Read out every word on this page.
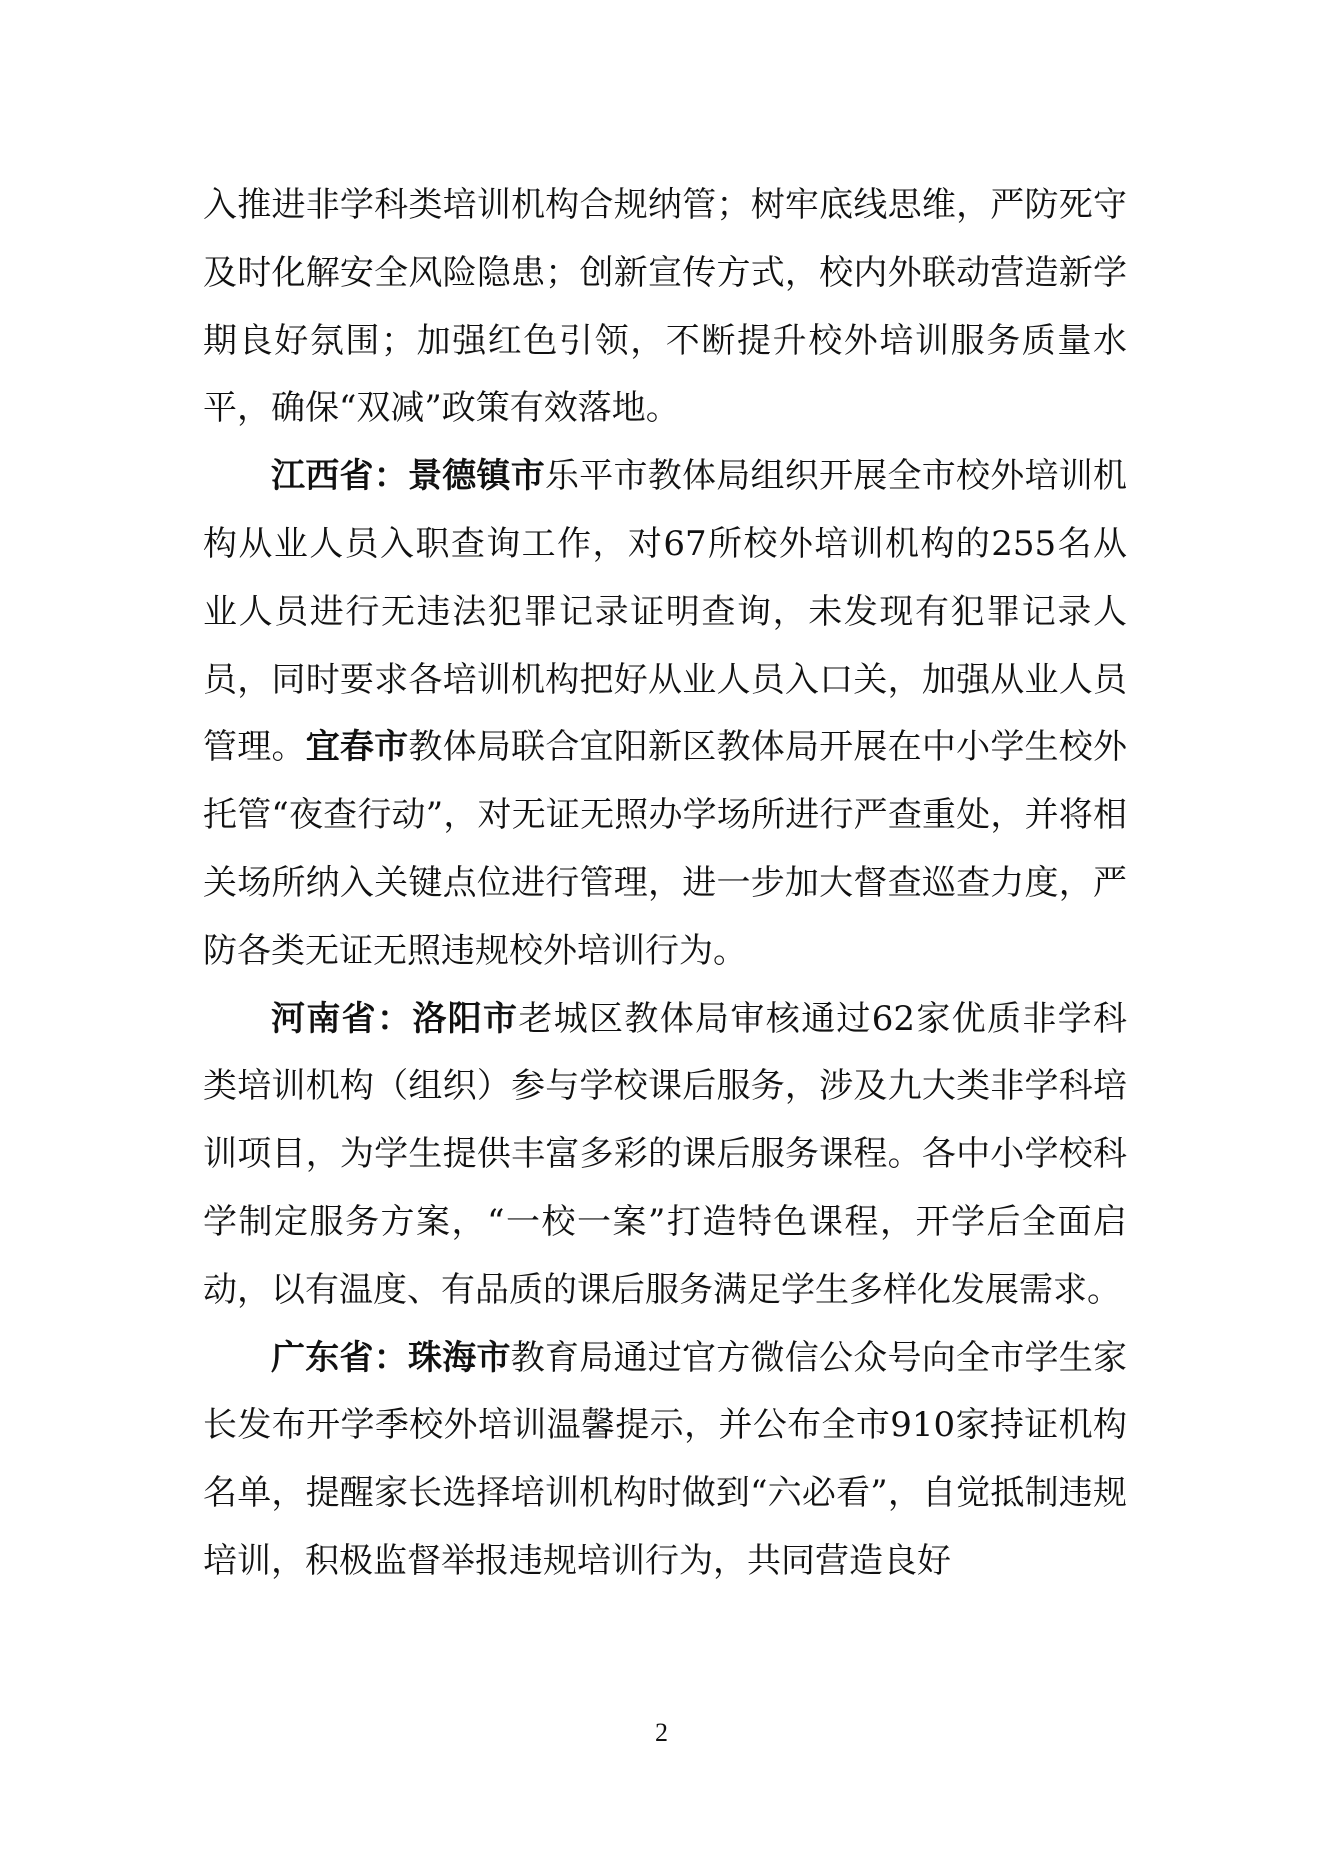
入推进非学科类培训机构合规纳管；树牢底线思维，严防死守及时化解安全风险隐患；创新宣传方式，校内外联动营造新学期良好氛围；加强红色引领，不断提升校外培训服务质量水平，确保“双减”政策有效落地。

江西省：景德镇市乐平市教体局组织开展全市校外培训机构从业人员入职查询工作，对67所校外培训机构的255名从业人员进行无违法犯罪记录证明查询，未发现有犯罪记录人员，同时要求各培训机构把好从业人员入口关，加强从业人员管理。宜春市教体局联合宜阳新区教体局开展在中小学生校外托管“夜查行动”，对无证无照办学场所进行严查重处，并将相关场所纳入关键点位进行管理，进一步加大督查巡查力度，严防各类无证无照违规校外培训行为。

河南省：洛阳市老城区教体局审核通过62家优质非学科类培训机构（组织）参与学校课后服务，涉及九大类非学科培训项目，为学生提供丰富多彩的课后服务课程。各中小学校科学制定服务方案，“一校一案”打造特色课程，开学后全面启动，以有温度、有品质的课后服务满足学生多样化发展需求。

广东省：珠海市教育局通过官方微信公众号向全市学生家长发布开学季校外培训温馨提示，并公布全市910家持证机构名单，提醒家长选择培训机构时做到“六必看”，自觉抵制违规培训，积极监督举报违规培训行为，共同营造良好

2
